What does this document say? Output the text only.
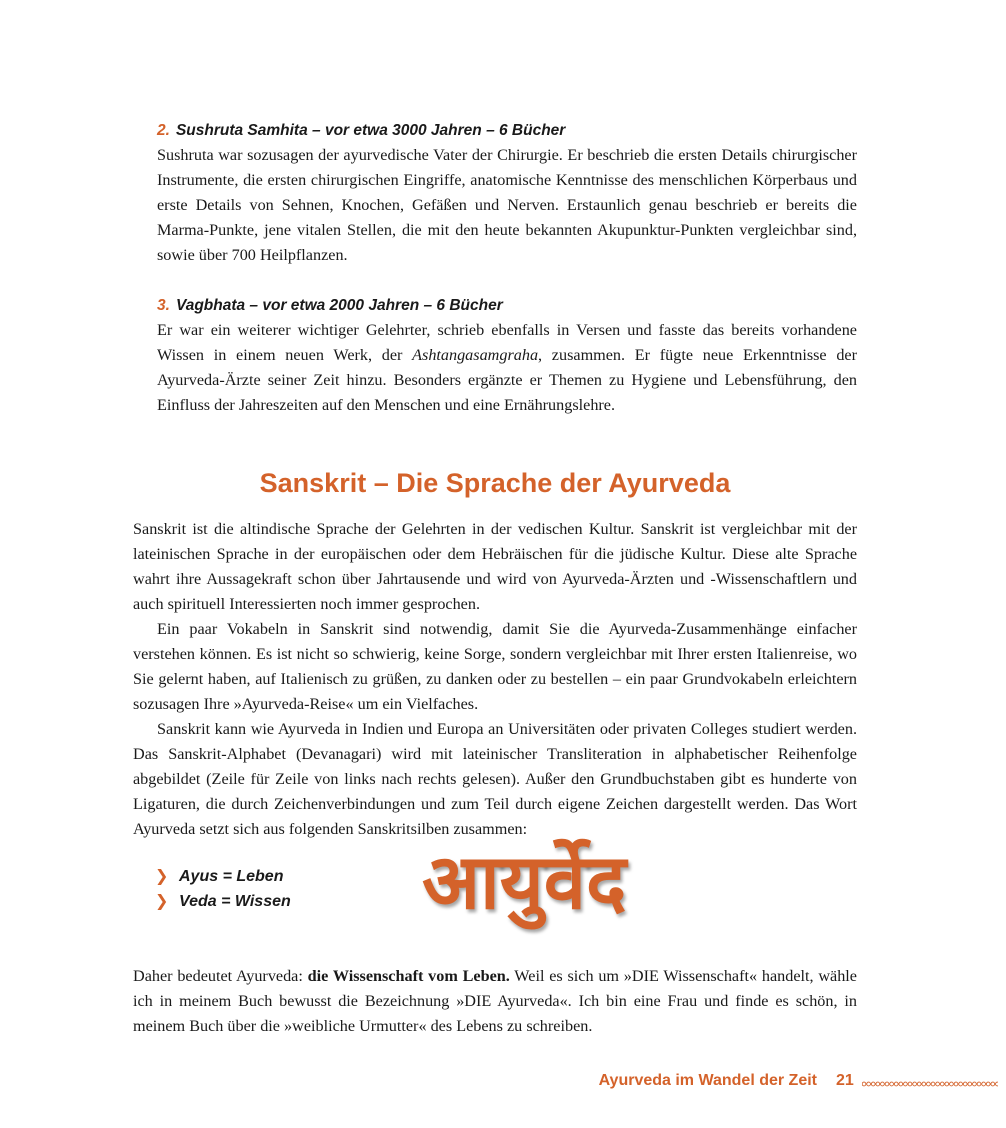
2. Sushruta Samhita – vor etwa 3000 Jahren – 6 Bücher

Sushruta war sozusagen der ayurvedische Vater der Chirurgie. Er beschrieb die ersten Details chirurgischer Instrumente, die ersten chirurgischen Eingriffe, anatomische Kenntnisse des menschlichen Körperbaus und erste Details von Sehnen, Knochen, Gefäßen und Nerven. Erstaunlich genau beschrieb er bereits die Marma-Punkte, jene vitalen Stellen, die mit den heute bekannten Akupunktur-Punkten vergleichbar sind, sowie über 700 Heilpflanzen.

3. Vagbhata – vor etwa 2000 Jahren – 6 Bücher

Er war ein weiterer wichtiger Gelehrter, schrieb ebenfalls in Versen und fasste das bereits vorhandene Wissen in einem neuen Werk, der Ashtangasamgraha, zusammen. Er fügte neue Erkenntnisse der Ayurveda-Ärzte seiner Zeit hinzu. Besonders ergänzte er Themen zu Hygiene und Lebensführung, den Einfluss der Jahreszeiten auf den Menschen und eine Ernährungslehre.

Sanskrit – Die Sprache der Ayurveda

Sanskrit ist die altindische Sprache der Gelehrten in der vedischen Kultur. Sanskrit ist vergleichbar mit der lateinischen Sprache in der europäischen oder dem Hebräischen für die jüdische Kultur. Diese alte Sprache wahrt ihre Aussagekraft schon über Jahrtausende und wird von Ayurveda-Ärzten und -Wissenschaftlern und auch spirituell Interessierten noch immer gesprochen.

Ein paar Vokabeln in Sanskrit sind notwendig, damit Sie die Ayurveda-Zusammenhänge einfacher verstehen können. Es ist nicht so schwierig, keine Sorge, sondern vergleichbar mit Ihrer ersten Italienreise, wo Sie gelernt haben, auf Italienisch zu grüßen, zu danken oder zu bestellen – ein paar Grundvokabeln erleichtern sozusagen Ihre »Ayurveda-Reise« um ein Vielfaches.

Sanskrit kann wie Ayurveda in Indien und Europa an Universitäten oder privaten Colleges studiert werden. Das Sanskrit-Alphabet (Devanagari) wird mit lateinischer Transliteration in alphabetischer Reihenfolge abgebildet (Zeile für Zeile von links nach rechts gelesen). Außer den Grundbuchstaben gibt es hunderte von Ligaturen, die durch Zeichenverbindungen und zum Teil durch eigene Zeichen dargestellt werden. Das Wort Ayurveda setzt sich aus folgenden Sanskritsilben zusammen:

❯ Ayus = Leben
❯ Veda = Wissen	आयुर्वेद

Daher bedeutet Ayurveda: die Wissenschaft vom Leben. Weil es sich um »DIE Wissenschaft« handelt, wähle ich in meinem Buch bewusst die Bezeichnung »DIE Ayurveda«. Ich bin eine Frau und finde es schön, in meinem Buch über die »weibliche Urmutter« des Lebens zu schreiben.

Ayurveda im Wandel der Zeit 21
